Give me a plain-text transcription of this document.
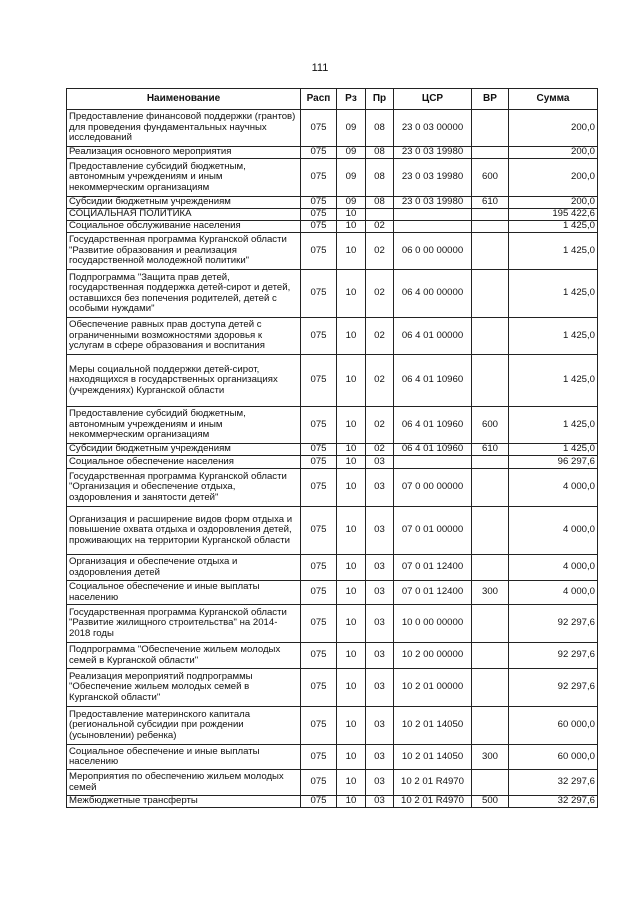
111
Наименование	Расп	Рз	Пр	ЦСР	ВР	Сумма
Предоставление финансовой поддержки (грантов) для проведения фундаментальных научных исследований	075	09	08	23 0 03 00000		200,0
Реализация основного мероприятия	075	09	08	23 0 03 19980		200,0
Предоставление субсидий бюджетным, автономным учреждениям и иным некоммерческим организациям	075	09	08	23 0 03 19980	600	200,0
Субсидии бюджетным учреждениям	075	09	08	23 0 03 19980	610	200,0
СОЦИАЛЬНАЯ ПОЛИТИКА	075	10				195 422,6
Социальное обслуживание населения	075	10	02			1 425,0
Государственная программа Курганской области "Развитие образования и реализация государственной молодежной политики"	075	10	02	06 0 00 00000		1 425,0
Подпрограмма "Защита прав детей, государственная поддержка детей-сирот и детей, оставшихся без попечения родителей, детей с особыми нуждами"	075	10	02	06 4 00 00000		1 425,0
Обеспечение равных прав доступа детей с ограниченными возможностями здоровья к услугам в сфере образования и воспитания	075	10	02	06 4 01 00000		1 425,0
Меры социальной поддержки детей-сирот, находящихся в государственных организациях (учреждениях) Курганской области	075	10	02	06 4 01 10960		1 425,0
Предоставление субсидий бюджетным, автономным учреждениям и иным некоммерческим организациям	075	10	02	06 4 01 10960	600	1 425,0
Субсидии бюджетным учреждениям	075	10	02	06 4 01 10960	610	1 425,0
Социальное обеспечение населения	075	10	03			96 297,6
Государственная программа Курганской области "Организация и обеспечение отдыха, оздоровления и занятости детей"	075	10	03	07 0 00 00000		4 000,0
Организация и расширение видов форм отдыха и повышение охвата отдыха и оздоровления детей, проживающих на территории Курганской области	075	10	03	07 0 01 00000		4 000,0
Организация и обеспечение отдыха и оздоровления детей	075	10	03	07 0 01 12400		4 000,0
Социальное обеспечение и иные выплаты населению	075	10	03	07 0 01 12400	300	4 000,0
Государственная программа Курганской области "Развитие жилищного строительства" на 2014-2018 годы	075	10	03	10 0 00 00000		92 297,6
Подпрограмма "Обеспечение жильем молодых семей в Курганской области"	075	10	03	10 2 00 00000		92 297,6
Реализация мероприятий подпрограммы "Обеспечение жильем молодых семей в Курганской области"	075	10	03	10 2 01 00000		92 297,6
Предоставление материнского капитала (региональной субсидии при рождении (усыновлении) ребенка)	075	10	03	10 2 01 14050		60 000,0
Социальное обеспечение и иные выплаты населению	075	10	03	10 2 01 14050	300	60 000,0
Мероприятия по обеспечению жильем молодых семей	075	10	03	10 2 01 R4970		32 297,6
Межбюджетные трансферты	075	10	03	10 2 01 R4970	500	32 297,6
